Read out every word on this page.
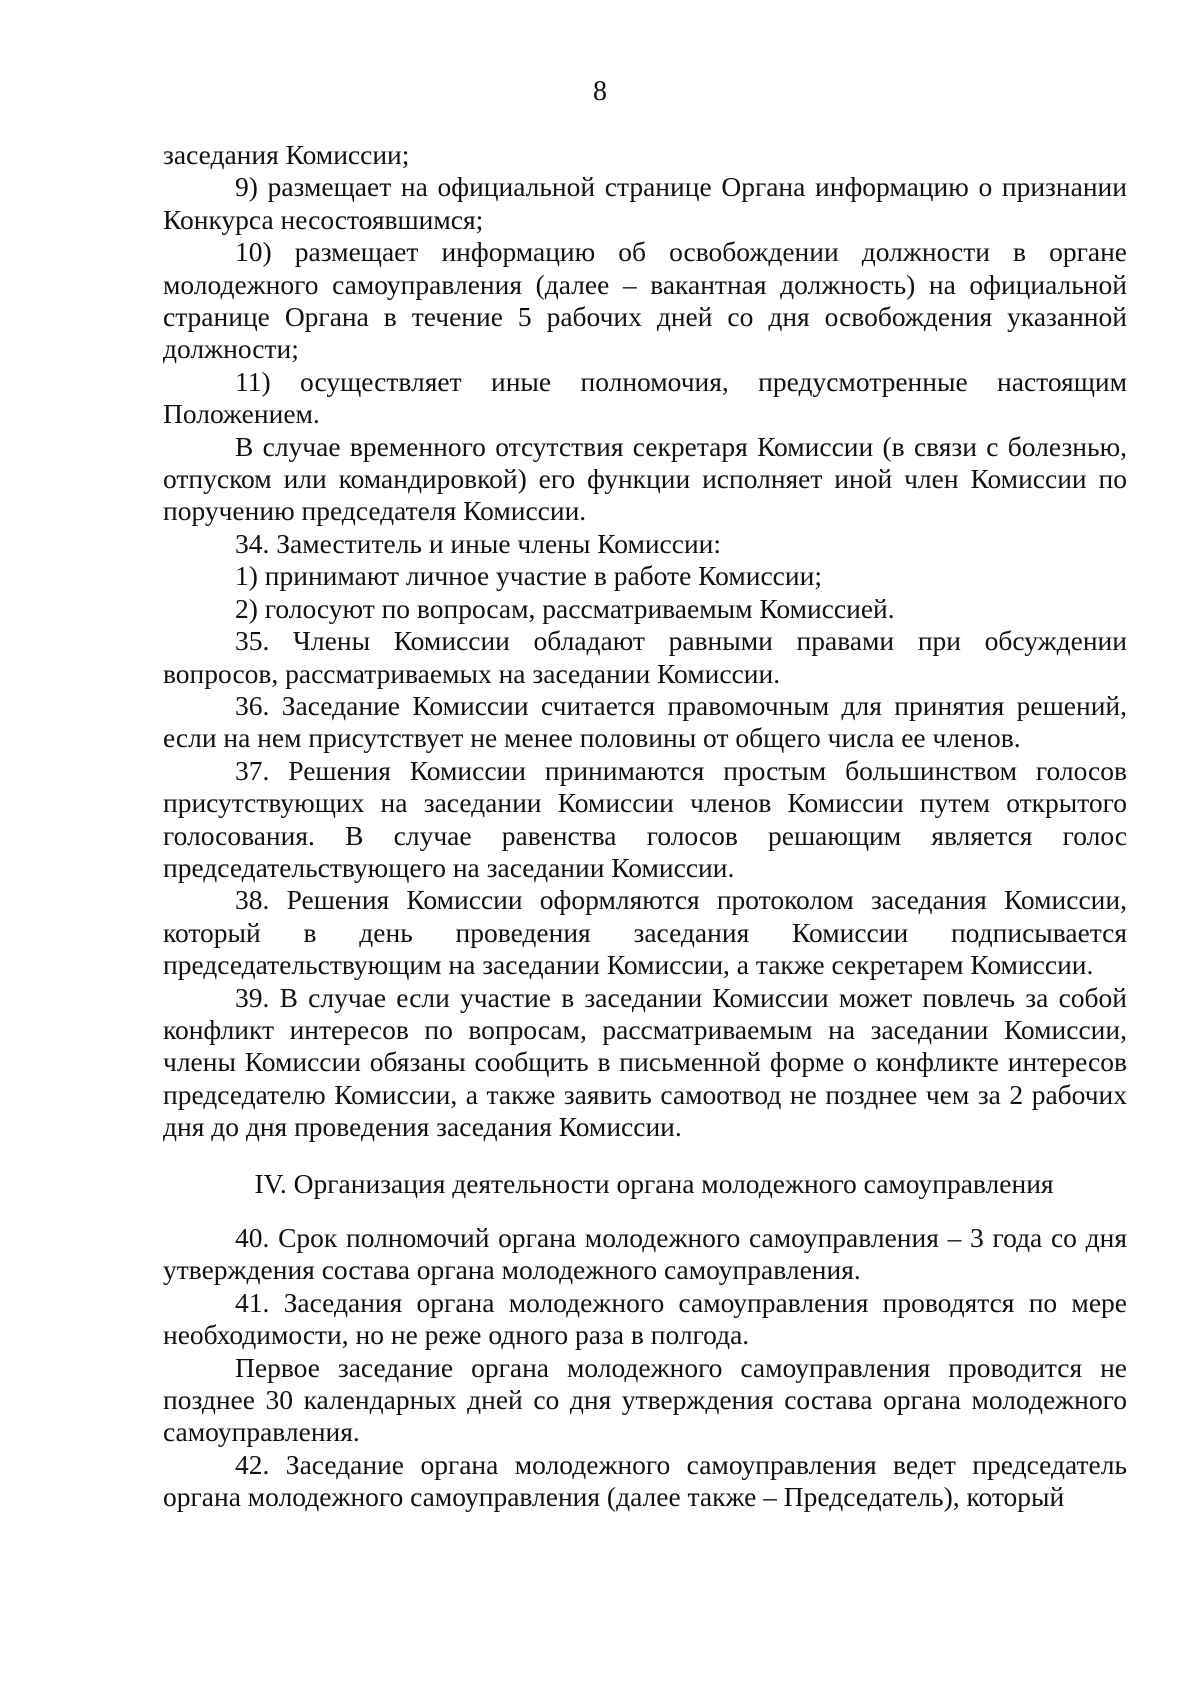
8

заседания Комиссии;

9) размещает на официальной странице Органа информацию о признании Конкурса несостоявшимся;

10) размещает информацию об освобождении должности в органе молодежного самоуправления (далее – вакантная должность) на официальной странице Органа в течение 5 рабочих дней со дня освобождения указанной должности;

11) осуществляет иные полномочия, предусмотренные настоящим Положением.

В случае временного отсутствия секретаря Комиссии (в связи с болезнью, отпуском или командировкой) его функции исполняет иной член Комиссии по поручению председателя Комиссии.

34. Заместитель и иные члены Комиссии:

1) принимают личное участие в работе Комиссии;

2) голосуют по вопросам, рассматриваемым Комиссией.

35. Члены Комиссии обладают равными правами при обсуждении вопросов, рассматриваемых на заседании Комиссии.

36. Заседание Комиссии считается правомочным для принятия решений, если на нем присутствует не менее половины от общего числа ее членов.

37. Решения Комиссии принимаются простым большинством голосов присутствующих на заседании Комиссии членов Комиссии путем открытого голосования. В случае равенства голосов решающим является голос председательствующего на заседании Комиссии.

38. Решения Комиссии оформляются протоколом заседания Комиссии, который в день проведения заседания Комиссии подписывается председательствующим на заседании Комиссии, а также секретарем Комиссии.

39. В случае если участие в заседании Комиссии может повлечь за собой конфликт интересов по вопросам, рассматриваемым на заседании Комиссии, члены Комиссии обязаны сообщить в письменной форме о конфликте интересов председателю Комиссии, а также заявить самоотвод не позднее чем за 2 рабочих дня до дня проведения заседания Комиссии.

IV. Организация деятельности органа молодежного самоуправления

40. Срок полномочий органа молодежного самоуправления – 3 года со дня утверждения состава органа молодежного самоуправления.

41. Заседания органа молодежного самоуправления проводятся по мере необходимости, но не реже одного раза в полгода.

Первое заседание органа молодежного самоуправления проводится не позднее 30 календарных дней со дня утверждения состава органа молодежного самоуправления.

42. Заседание органа молодежного самоуправления ведет председатель органа молодежного самоуправления (далее также – Председатель), который
